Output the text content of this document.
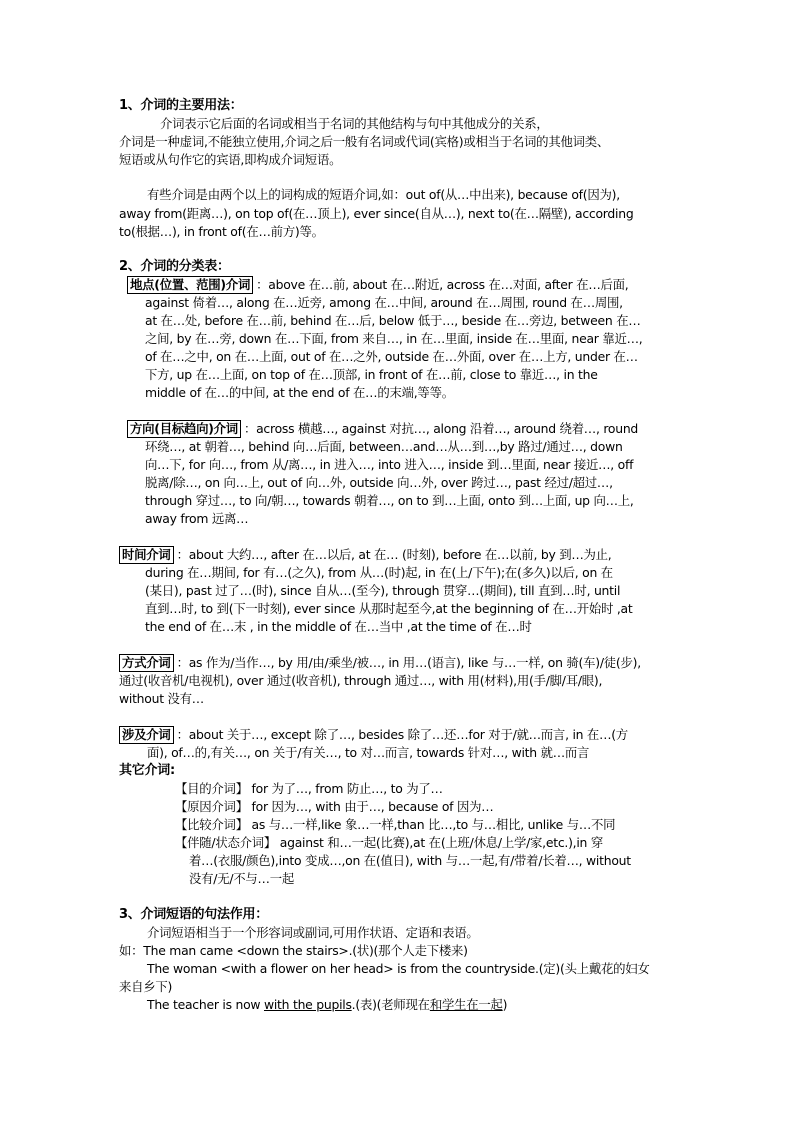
1、介词的主要用法：
介词表示它后面的名词或相当于名词的其他结构与句中其他成分的关系，
介词是一种虚词,不能独立使用,介词之后一般有名词或代词(宾格)或相当于名词的其他词类、
短语或从句作它的宾语,即构成介词短语。
有些介词是由两个以上的词构成的短语介词,如：out of(从…中出来), because of(因为),
away from(距离…), on top of(在…顶上), ever since(自从…), next to(在…隔壁), according
to(根据…), in front of(在…前方)等。
2、介词的分类表：
地点(位置、范围)介词 ：above 在…前, about 在…附近, across 在…对面, after 在…后面,
against 倚着…, along 在…近旁, among 在…中间, around 在…周围, round 在…周围,
at 在…处, before 在…前, behind 在…后, below 低于…, beside 在…旁边, between 在…
之间, by 在…旁, down 在…下面, from 来自…, in 在…里面, inside 在…里面, near 靠近…,
of 在…之中, on 在…上面, out of 在…之外, outside 在…外面, over 在…上方, under 在…
下方, up 在…上面, on top of 在…顶部, in front of 在…前, close to 靠近…, in the
middle of 在…的中间, at the end of 在…的末端,等等。
方向(目标趋向)介词 ：across 横越…, against 对抗…, along 沿着…, around 绕着…, round
环绕…, at 朝着…, behind 向…后面, between…and…从…到…,by 路过/通过…, down
向…下, for 向…, from 从/离…, in 进入…, into 进入…, inside 到…里面, near 接近…, off
脱离/除…, on 向…上, out of 向…外, outside 向…外, over 跨过…, past 经过/超过…,
through 穿过…, to 向/朝…, towards 朝着…, on to 到…上面, onto 到…上面, up 向…上,
away from 远离…
时间介词 ：about 大约…, after 在…以后, at 在… (时刻), before 在…以前, by 到…为止,
during 在…期间, for 有…(之久), from 从…(时)起, in 在(上/下午);在(多久)以后, on 在
(某日), past 过了…(时), since 自从…(至今), through 贯穿…(期间), till 直到…时, until
直到…时, to 到(下一时刻), ever since 从那时起至今,at the beginning of 在…开始时 ,at
the end of 在…末 , in the middle of 在…当中 ,at the time of 在…时
方式介词 ：as 作为/当作…, by 用/由/乘坐/被…, in 用…(语言), like 与…一样, on 骑(车)/徒(步),
通过(收音机/电视机), over 通过(收音机), through 通过…, with 用(材料),用(手/脚/耳/眼),
without 没有…
涉及介词 ：about 关于…, except 除了…, besides 除了…还…for 对于/就…而言, in 在…(方
面), of…的,有关…, on 关于/有关…, to 对…而言, towards 针对…, with 就…而言
其它介词:
【目的介词】 for 为了…, from 防止…, to 为了…
【原因介词】 for 因为…, with 由于…, because of 因为…
【比较介词】 as 与…一样,like 象…一样,than 比…,to 与…相比, unlike 与…不同
【伴随/状态介词】 against 和…一起(比赛),at 在(上班/休息/上学/家,etc.),in 穿
着…(衣服/颜色),into 变成…,on 在(值日), with 与…一起,有/带着/长着…, without
没有/无/不与…一起
3、介词短语的句法作用：
介词短语相当于一个形容词或副词,可用作状语、定语和表语。
如：The man came <down the stairs>.(状)(那个人走下楼来)
The woman <with a flower on her head> is from the countryside.(定)(头上戴花的妇女
来自乡下)
The teacher is now with the pupils.(表)(老师现在和学生在一起)
